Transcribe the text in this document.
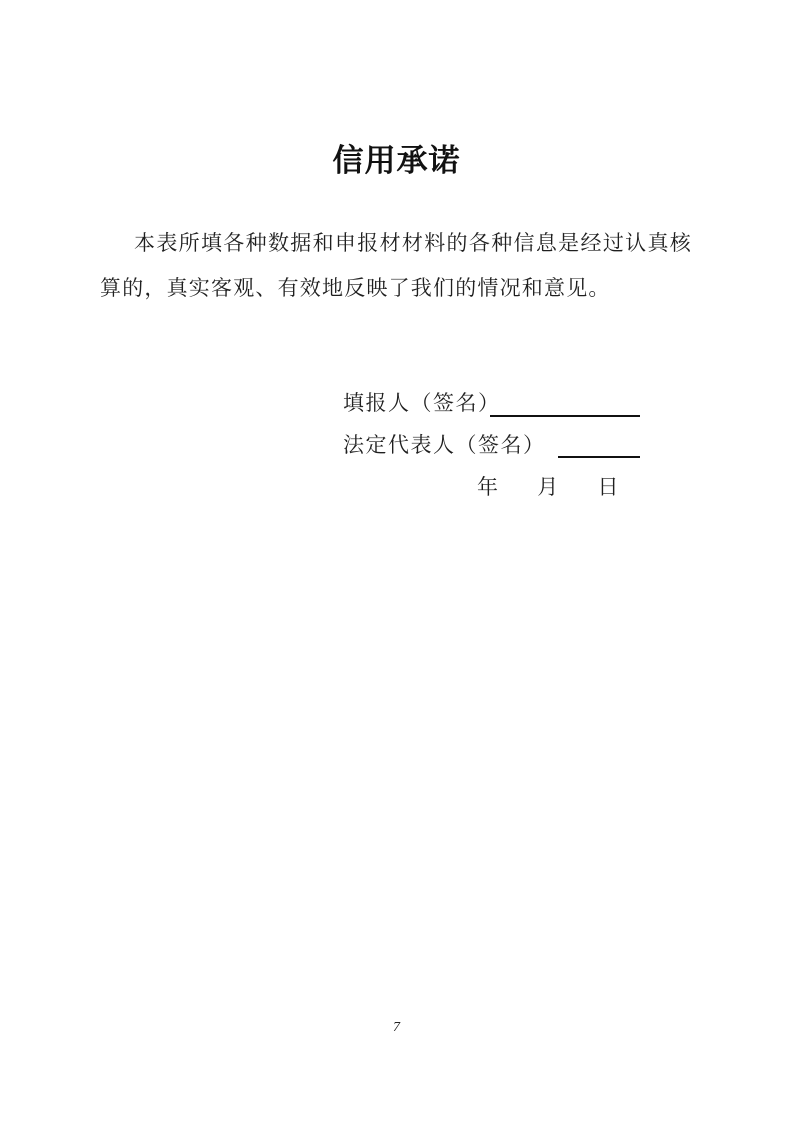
信用承诺
本表所填各种数据和申报材材料的各种信息是经过认真核算的，真实客观、有效地反映了我们的情况和意见。
填报人（签名）
法定代表人（签名）
年 月 日
7
